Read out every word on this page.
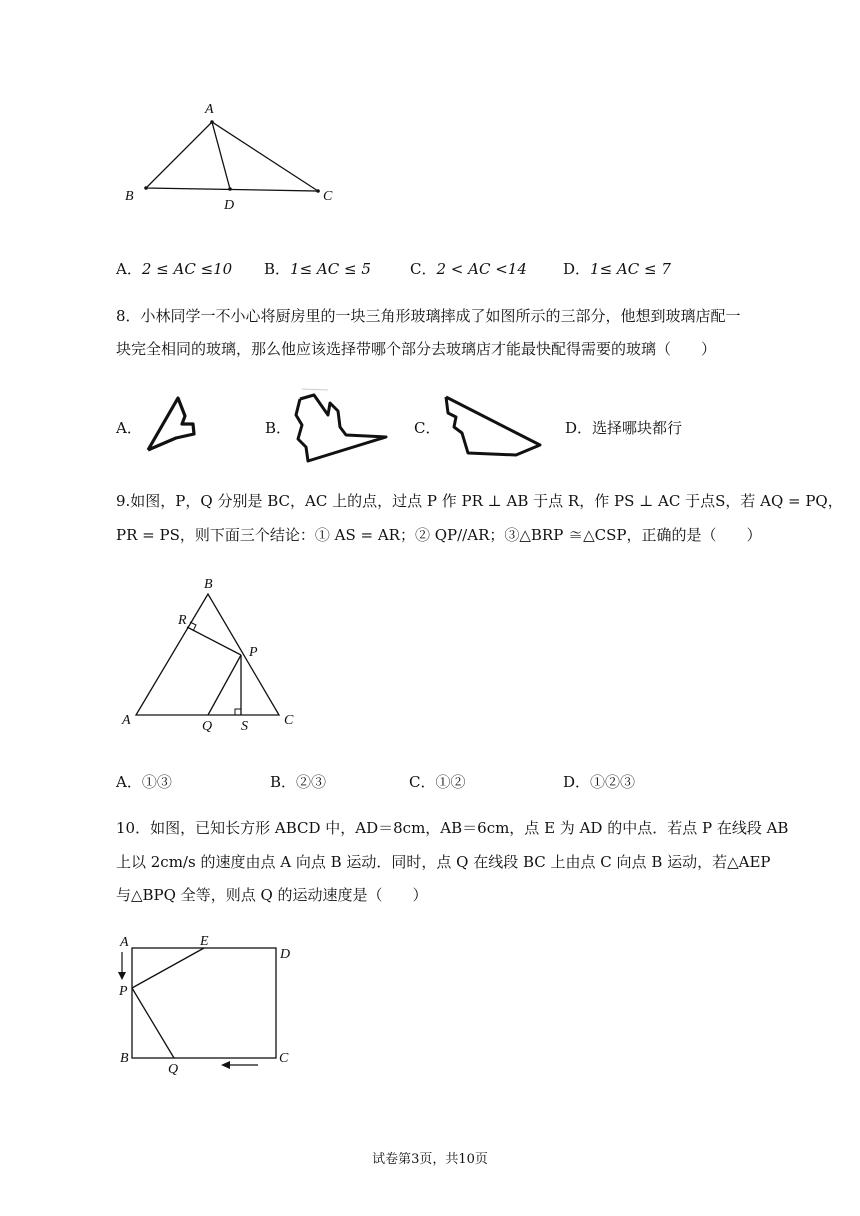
A
B
D
C
A．2 ≤ AC ≤10 B．1≤ AC ≤ 5	C．2 < AC <14 D．1≤ AC ≤ 7
8．小林同学一不小心将厨房里的一块三角形玻璃摔成了如图所示的三部分，他想到玻璃店配一
块完全相同的玻璃，那么他应该选择带哪个部分去玻璃店才能最快配得需要的玻璃（　　）
A．	B．	C．	D．选择哪块都行
9.如图，P，Q 分别是 BC，AC 上的点，过点 P 作 PR ⊥ AB 于点 R，作 PS ⊥ AC 于点S，若 AQ = PQ，
PR = PS，则下面三个结论：① AS = AR；② QP//AR；③△BRP ≅△CSP，正确的是（　　）
B
R
P
A	Q S	C
A．①③	B．②③	C．①②	D．①②③
10．如图，已知长方形 ABCD 中，AD＝8cm，AB＝6cm，点 E 为 AD 的中点．若点 P 在线段 AB
上以 2cm/s 的速度由点 A 向点 B 运动．同时，点 Q 在线段 BC 上由点 C 向点 B 运动，若△AEP
与△BPQ 全等，则点 Q 的运动速度是（　　）
A	E
D
P
B
Q
C
试卷第3页，共10页
